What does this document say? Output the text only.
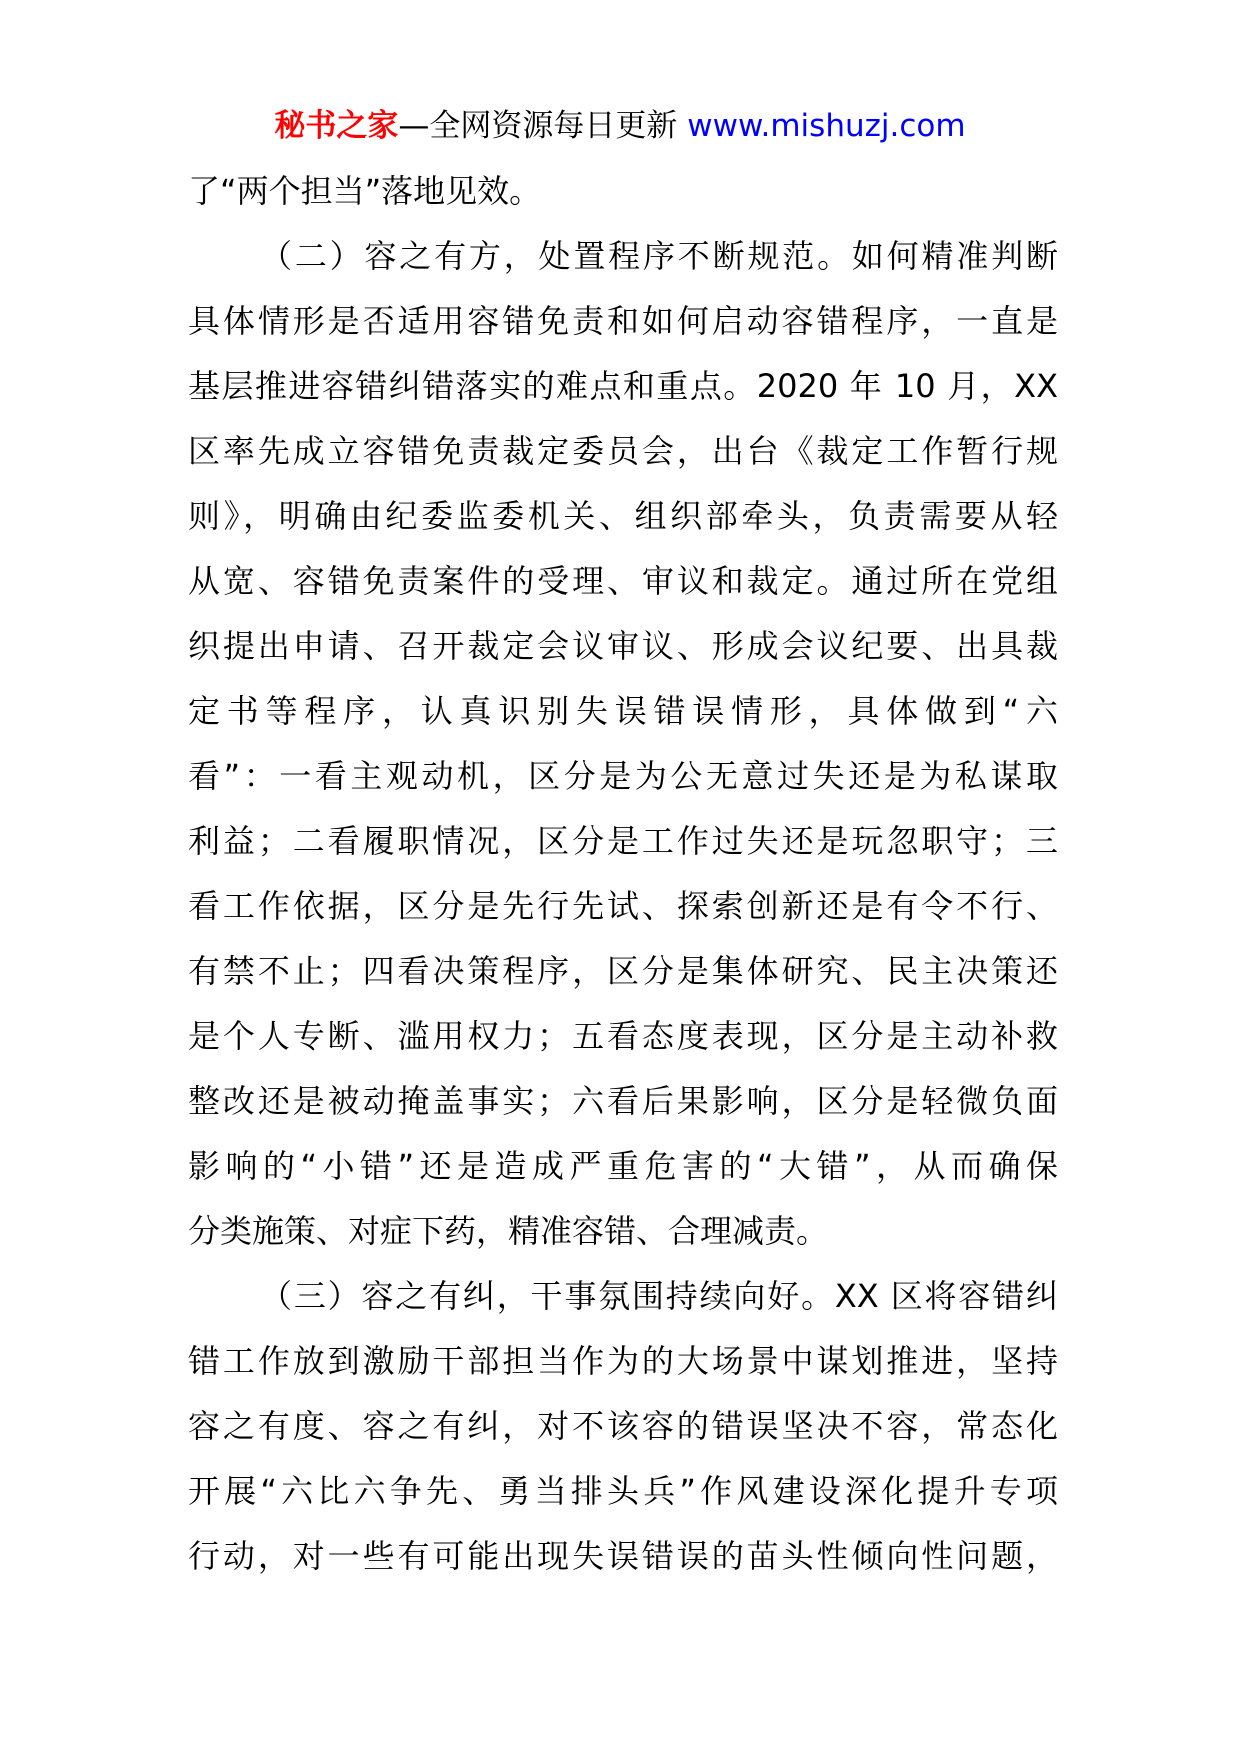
秘书之家—全网资源每日更新 www.mishuzj.com
了“两个担当”落地见效。
（二）容之有方，处置程序不断规范。如何精准判断
具体情形是否适用容错免责和如何启动容错程序，一直是
基层推进容错纠错落实的难点和重点。2020 年 10 月，XX
区率先成立容错免责裁定委员会，出台《裁定工作暂行规
则》，明确由纪委监委机关、组织部牵头，负责需要从轻
从宽、容错免责案件的受理、审议和裁定。通过所在党组
织提出申请、召开裁定会议审议、形成会议纪要、出具裁
定书等程序，认真识别失误错误情形，具体做到“六
看”：一看主观动机，区分是为公无意过失还是为私谋取
利益；二看履职情况，区分是工作过失还是玩忽职守；三
看工作依据，区分是先行先试、探索创新还是有令不行、
有禁不止；四看决策程序，区分是集体研究、民主决策还
是个人专断、滥用权力；五看态度表现，区分是主动补救
整改还是被动掩盖事实；六看后果影响，区分是轻微负面
影响的“小错”还是造成严重危害的“大错”，从而确保
分类施策、对症下药，精准容错、合理减责。
（三）容之有纠，干事氛围持续向好。XX 区将容错纠
错工作放到激励干部担当作为的大场景中谋划推进，坚持
容之有度、容之有纠，对不该容的错误坚决不容，常态化
开展“六比六争先、勇当排头兵”作风建设深化提升专项
行动，对一些有可能出现失误错误的苗头性倾向性问题，
